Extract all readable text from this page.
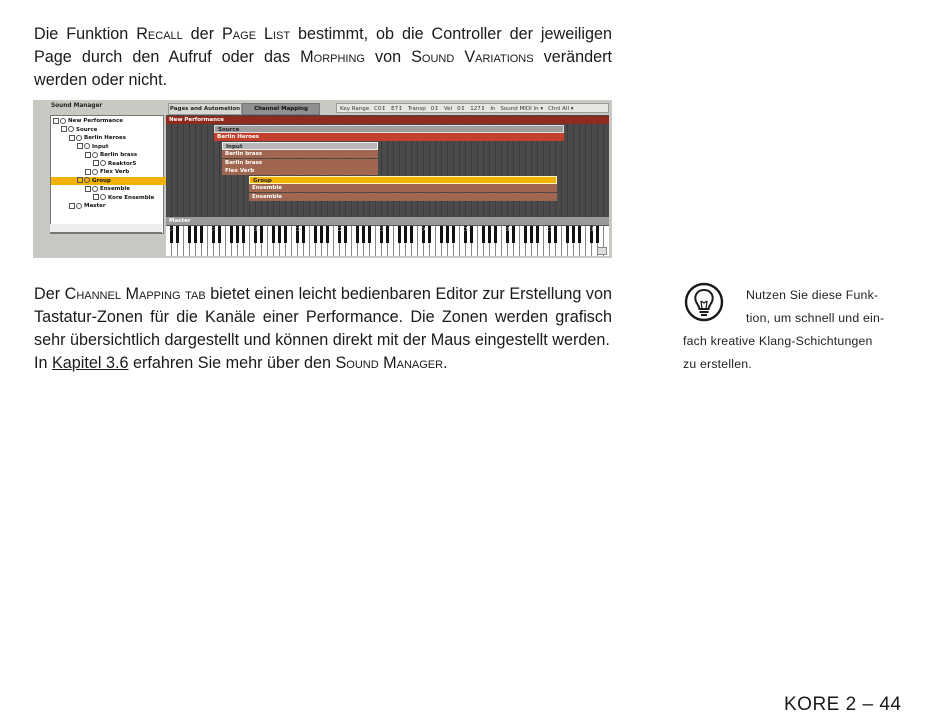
Die Funktion Recall der Page List bestimmt, ob die Controller der jeweiligen Page durch den Aufruf oder das Morphing von Sound Variations verändert werden oder nicht.

Sound Manager	Pages and Automation	Channel Mapping	Key Range C0↕ E7↕ Transp 0↕ Vel 0↕ 127↕ In Sound MIDI In ▾ Chnl All ▾
New Performance
Source
Berlin Heroes
Input
Berlin brass
Reaktor5
Flex Verb
Group
Ensemble
Kore Ensemble
Master
Master
New Performance
Source
Berlin Heroes
Input
Berlin brass
Berlin brass
Flex Verb
Group
Ensemble
Ensemble
C-2	C-1	C0	C1	C2	C3	C4	C5	C6	C7	C8

Der Channel Mapping tab bietet einen leicht bedienbaren Editor zur Erstellung von Tastatur-Zonen für die Kanäle einer Performance. Die Zonen werden grafisch sehr übersichtlich dargestellt und können direkt mit der Maus eingestellt werden.
In Kapitel 3.6 erfahren Sie mehr über den Sound Manager.

Nutzen Sie diese Funk-
tion, um schnell und ein-
fach kreative Klang-Schichtungen
zu erstellen.
KORE 2 – 44
